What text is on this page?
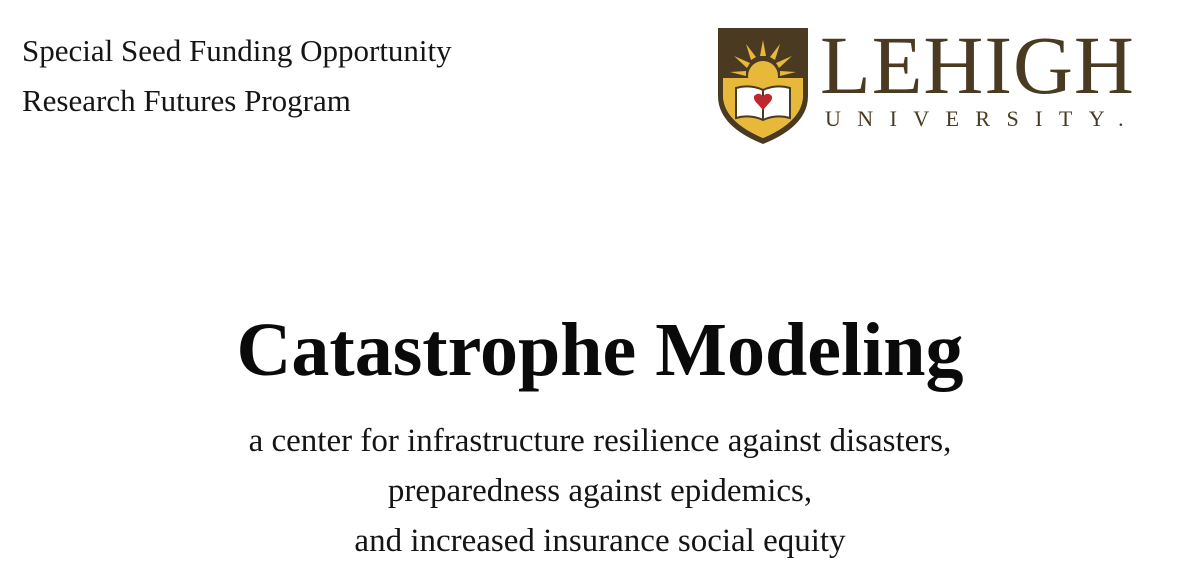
Special Seed Funding Opportunity
Research Futures Program	LEHIGH
UNIVERSITY.
Catastrophe Modeling
a center for infrastructure resilience against disasters,
preparedness against epidemics,
and increased insurance social equity
